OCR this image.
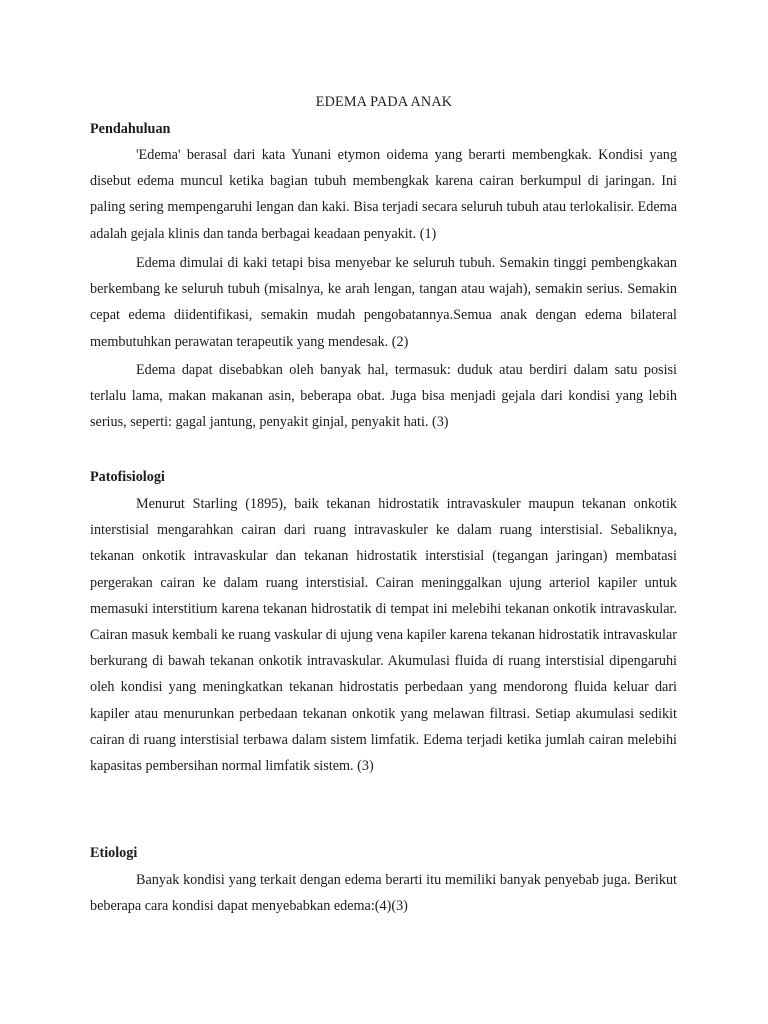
EDEMA PADA ANAK
Pendahuluan

'Edema' berasal dari kata Yunani etymon oidema yang berarti membengkak. Kondisi yang disebut edema muncul ketika bagian tubuh membengkak karena cairan berkumpul di jaringan. Ini paling sering mempengaruhi lengan dan kaki. Bisa terjadi secara seluruh tubuh atau terlokalisir. Edema adalah gejala klinis dan tanda berbagai keadaan penyakit. (1)

Edema dimulai di kaki tetapi bisa menyebar ke seluruh tubuh. Semakin tinggi pembengkakan berkembang ke seluruh tubuh (misalnya, ke arah lengan, tangan atau wajah), semakin serius. Semakin cepat edema diidentifikasi, semakin mudah pengobatannya.Semua anak dengan edema bilateral membutuhkan perawatan terapeutik yang mendesak. (2)

Edema dapat disebabkan oleh banyak hal, termasuk: duduk atau berdiri dalam satu posisi terlalu lama, makan makanan asin, beberapa obat. Juga bisa menjadi gejala dari kondisi yang lebih serius, seperti: gagal jantung, penyakit ginjal, penyakit hati. (3)

Patofisiologi

Menurut Starling (1895), baik tekanan hidrostatik intravaskuler maupun tekanan onkotik interstisial mengarahkan cairan dari ruang intravaskuler ke dalam ruang interstisial. Sebaliknya, tekanan onkotik intravaskular dan tekanan hidrostatik interstisial (tegangan jaringan) membatasi pergerakan cairan ke dalam ruang interstisial. Cairan meninggalkan ujung arteriol kapiler untuk memasuki interstitium karena tekanan hidrostatik di tempat ini melebihi tekanan onkotik intravaskular. Cairan masuk kembali ke ruang vaskular di ujung vena kapiler karena tekanan hidrostatik intravaskular berkurang di bawah tekanan onkotik intravaskular. Akumulasi fluida di ruang interstisial dipengaruhi oleh kondisi yang meningkatkan tekanan hidrostatis perbedaan yang mendorong fluida keluar dari kapiler atau menurunkan perbedaan tekanan onkotik yang melawan filtrasi. Setiap akumulasi sedikit cairan di ruang interstisial terbawa dalam sistem limfatik. Edema terjadi ketika jumlah cairan melebihi kapasitas pembersihan normal limfatik sistem. (3)

Etiologi

Banyak kondisi yang terkait dengan edema berarti itu memiliki banyak penyebab juga. Berikut beberapa cara kondisi dapat menyebabkan edema:(4)(3)
